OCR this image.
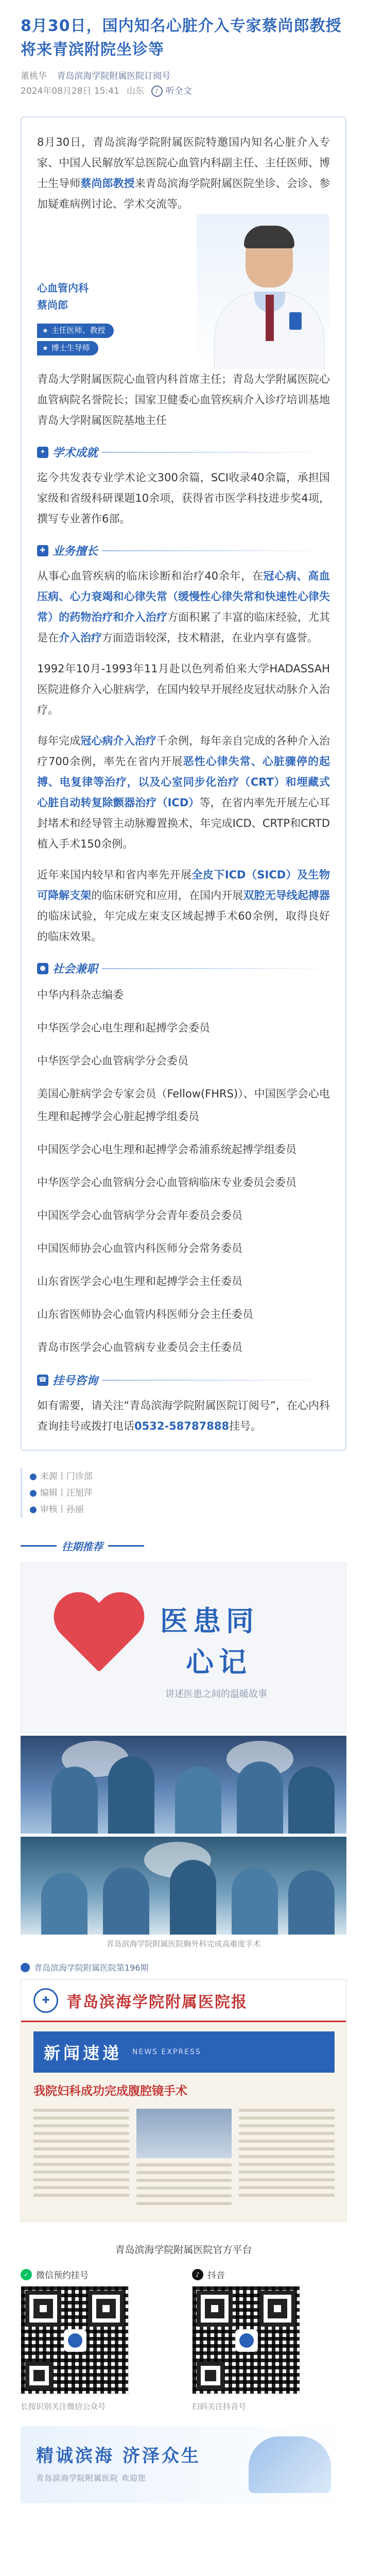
8月30日，国内知名心脏介入专家蔡尚郎教授将来青滨附院坐诊等
董桃华 青岛滨海学院附属医院订阅号
2024年08月28日 15:41 山东	♪ 听全文

8月30日，青岛滨海学院附属医院特邀国内知名心脏介入专家、中国人民解放军总医院心血管内科副主任、主任医师、博士生导师蔡尚郎教授来青岛滨海学院附属医院坐诊、会诊、参加疑难病例讨论、学术交流等。

心血管内科
蔡尚郎
★ 主任医师、教授
★ 博士生导师

青岛大学附属医院心血管内科首席主任；青岛大学附属医院心血管病院名誉院长；国家卫健委心血管疾病介入诊疗培训基地青岛大学附属医院基地主任

✦ 学术成就

迄今共发表专业学术论文300余篇，SCI收录40余篇，承担国家级和省级科研课题10余项，获得省市医学科技进步奖4项，撰写专业著作6部。

✚ 业务擅长

从事心血管疾病的临床诊断和治疗40余年，在冠心病、高血压病、心力衰竭和心律失常（缓慢性心律失常和快速性心律失常）的药物治疗和介入治疗方面积累了丰富的临床经验，尤其是在介入治疗方面造诣较深，技术精湛，在业内享有盛誉。

1992年10月-1993年11月赴以色列希伯来大学HADASSAH医院进修介入心脏病学，在国内较早开展经皮冠状动脉介入治疗。

每年完成冠心病介入治疗千余例，每年亲自完成的各种介入治疗700余例，率先在省内开展恶性心律失常、心脏骤停的起搏、电复律等治疗，以及心室同步化治疗（CRT）和埋藏式心脏自动转复除颤器治疗（ICD）等，在省内率先开展左心耳封堵术和经导管主动脉瓣置换术，年完成ICD、CRTP和CRTD植入手术150余例。

近年来国内较早和省内率先开展全皮下ICD（SICD）及生物可降解支架的临床研究和应用，在国内开展双腔无导线起搏器的临床试验，年完成左束支区域起搏手术60余例，取得良好的临床效果。

● 社会兼职

中华内科杂志编委

中华医学会心电生理和起搏学会委员

中华医学会心血管病学分会委员

美国心脏病学会专家会员（Fellow(FHRS)）、中国医学会心电生理和起搏学会心脏起搏学组委员

中国医学会心电生理和起搏学会希浦系统起搏学组委员

中华医学会心血管病分会心血管病临床专业委员会委员

中国医学会心血管病学分会青年委员会委员

中国医师协会心血管内科医师分会常务委员

山东省医学会心电生理和起搏学会主任委员

山东省医师协会心血管内科医师分会主任委员

青岛市医学会心血管病专业委员会主任委员

☎ 挂号咨询

如有需要，请关注“青岛滨海学院附属医院订阅号”，在心内科查询挂号或拨打电话0532-58787888挂号。

● 来源丨门诊部
● 编辑丨汪旭萍
● 审核丨孙丽
往期推荐
医患同
心记
讲述医患之间的温暖故事
青岛滨海学院附属医院胸外科完成高难度手术
青岛滨海学院附属医院第196期
✚	青岛滨海学院附属医院报
新闻速递 NEWS EXPRESS
我院妇科成功完成腹腔镜手术
青岛滨海学院附属医院官方平台
✓ 微信预约挂号
长按识别关注微信公众号
♪ 抖音
扫码关注抖音号
精诚滨海 济泽众生
青岛滨海学院附属医院 欢迎您
